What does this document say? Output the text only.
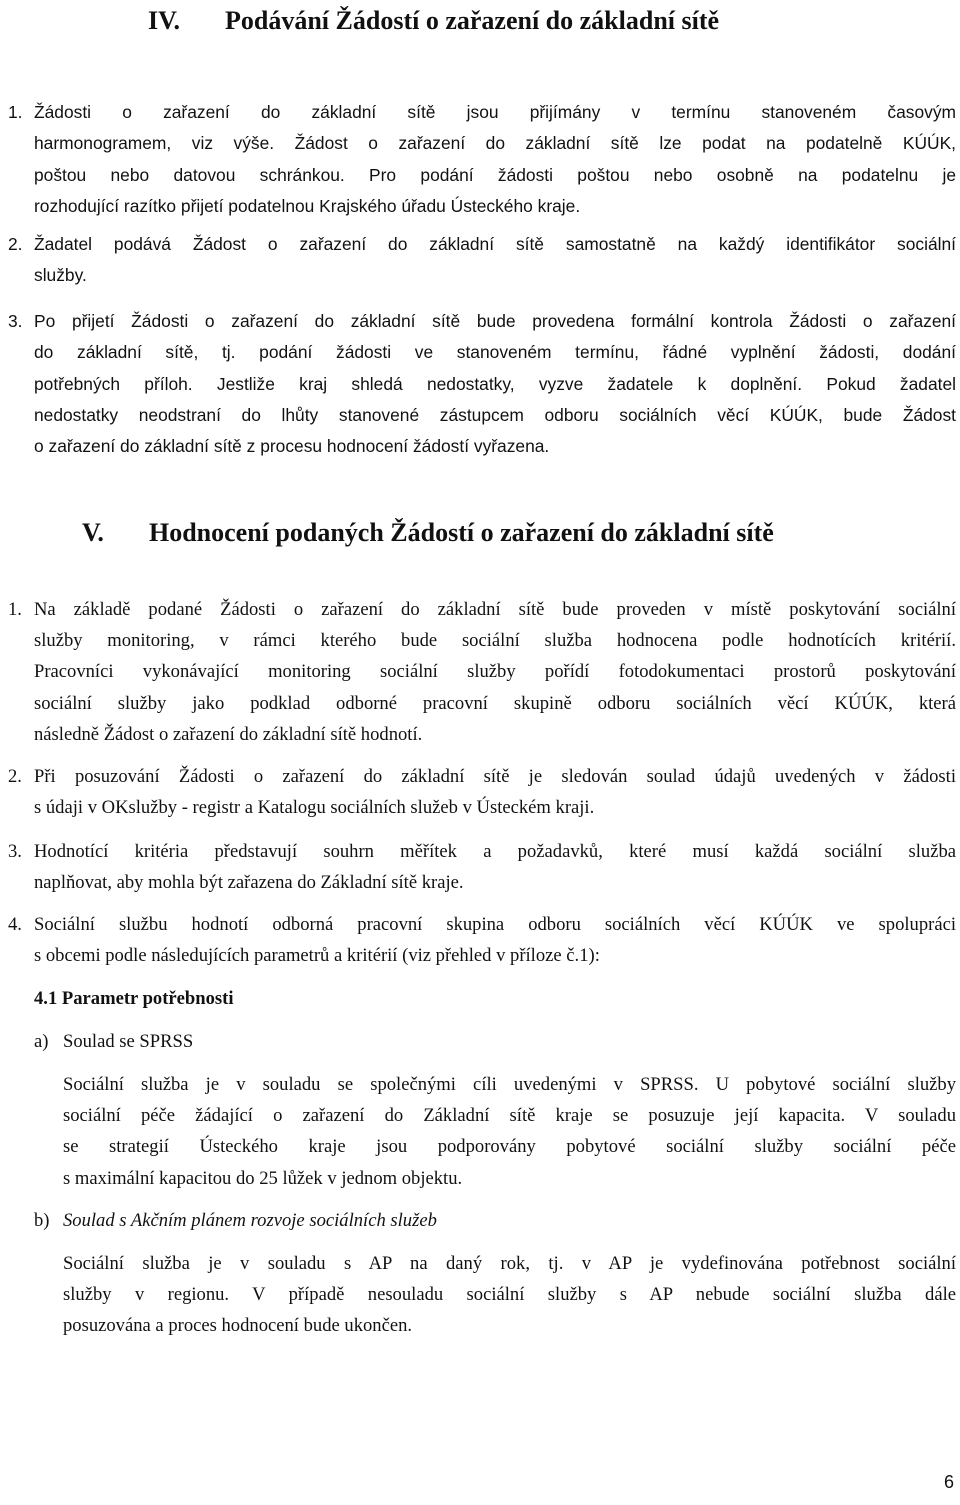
IV. Podávání Žádostí o zařazení do základní sítě
1. Žádosti o zařazení do základní sítě jsou přijímány v termínu stanoveném časovým
harmonogramem, viz výše. Žádost o zařazení do základní sítě lze podat na podatelně KÚÚK,
poštou nebo datovou schránkou. Pro podání žádosti poštou nebo osobně na podatelnu je
rozhodující razítko přijetí podatelnou Krajského úřadu Ústeckého kraje.
2. Žadatel podává Žádost o zařazení do základní sítě samostatně na každý identifikátor sociální
služby.
3. Po přijetí Žádosti o zařazení do základní sítě bude provedena formální kontrola Žádosti o zařazení
do základní sítě, tj. podání žádosti ve stanoveném termínu, řádné vyplnění žádosti, dodání
potřebných příloh. Jestliže kraj shledá nedostatky, vyzve žadatele k doplnění. Pokud žadatel
nedostatky neodstraní do lhůty stanovené zástupcem odboru sociálních věcí KÚÚK, bude Žádost
o zařazení do základní sítě z procesu hodnocení žádostí vyřazena.
V. Hodnocení podaných Žádostí o zařazení do základní sítě
1. Na základě podané Žádosti o zařazení do základní sítě bude proveden v místě poskytování sociální
služby monitoring, v rámci kterého bude sociální služba hodnocena podle hodnotících kritérií.
Pracovníci vykonávající monitoring sociální služby pořídí fotodokumentaci prostorů poskytování
sociální služby jako podklad odborné pracovní skupině odboru sociálních věcí KÚÚK, která
následně Žádost o zařazení do základní sítě hodnotí.
2. Při posuzování Žádosti o zařazení do základní sítě je sledován soulad údajů uvedených v žádosti
s údaji v OKslužby - registr a Katalogu sociálních služeb v Ústeckém kraji.
3. Hodnotící kritéria představují souhrn měřítek a požadavků, které musí každá sociální služba
naplňovat, aby mohla být zařazena do Základní sítě kraje.
4. Sociální službu hodnotí odborná pracovní skupina odboru sociálních věcí KÚÚK ve spolupráci
s obcemi podle následujících parametrů a kritérií (viz přehled v příloze č.1):
4.1 Parametr potřebnosti
a) Soulad se SPRSS
Sociální služba je v souladu se společnými cíli uvedenými v SPRSS. U pobytové sociální služby
sociální péče žádající o zařazení do Základní sítě kraje se posuzuje její kapacita. V souladu
se strategií Ústeckého kraje jsou podporovány pobytové sociální služby sociální péče
s maximální kapacitou do 25 lůžek v jednom objektu.
b) Soulad s Akčním plánem rozvoje sociálních služeb
Sociální služba je v souladu s AP na daný rok, tj. v AP je vydefinována potřebnost sociální
služby v regionu. V případě nesouladu sociální služby s AP nebude sociální služba dále
posuzována a proces hodnocení bude ukončen.
6
